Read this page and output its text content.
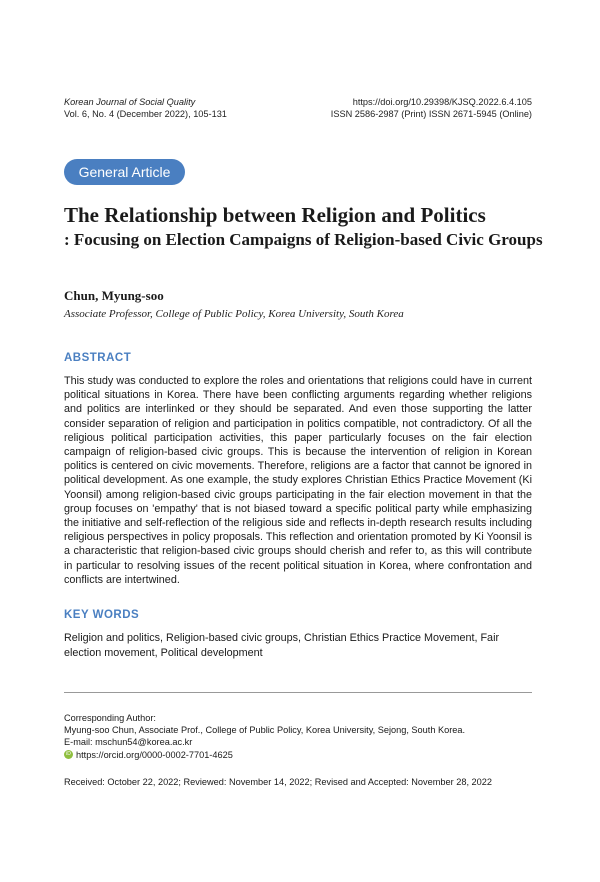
Korean Journal of Social Quality
Vol. 6, No. 4 (December 2022), 105-131
https://doi.org/10.29398/KJSQ.2022.6.4.105
ISSN 2586-2987 (Print) ISSN 2671-5945 (Online)
General Article
The Relationship between Religion and Politics
: Focusing on Election Campaigns of Religion-based Civic Groups
Chun, Myung-soo
Associate Professor, College of Public Policy, Korea University, South Korea
ABSTRACT
This study was conducted to explore the roles and orientations that religions could have in current political situations in Korea. There have been conflicting arguments regarding whether religions and politics are interlinked or they should be separated. And even those supporting the latter consider separation of religion and participation in politics compatible, not contradictory. Of all the religious political participation activities, this paper particularly focuses on the fair election campaign of religion-based civic groups. This is because the intervention of religion in Korean politics is centered on civic movements. Therefore, religions are a factor that cannot be ignored in political development. As one example, the study explores Christian Ethics Practice Movement (Ki Yoonsil) among religion-based civic groups participating in the fair election movement in that the group focuses on 'empathy' that is not biased toward a specific political party while emphasizing the initiative and self-reflection of the religious side and reflects in-depth research results including religious perspectives in policy proposals. This reflection and orientation promoted by Ki Yoonsil is a characteristic that religion-based civic groups should cherish and refer to, as this will contribute in particular to resolving issues of the recent political situation in Korea, where confrontation and conflicts are intertwined.
KEY WORDS
Religion and politics, Religion-based civic groups, Christian Ethics Practice Movement, Fair election movement, Political development
Corresponding Author:
Myung-soo Chun, Associate Prof., College of Public Policy, Korea University, Sejong, South Korea.
E-mail: mschun54@korea.ac.kr
iD https://orcid.org/0000-0002-7701-4625
Received: October 22, 2022; Reviewed: November 14, 2022; Revised and Accepted: November 28, 2022
